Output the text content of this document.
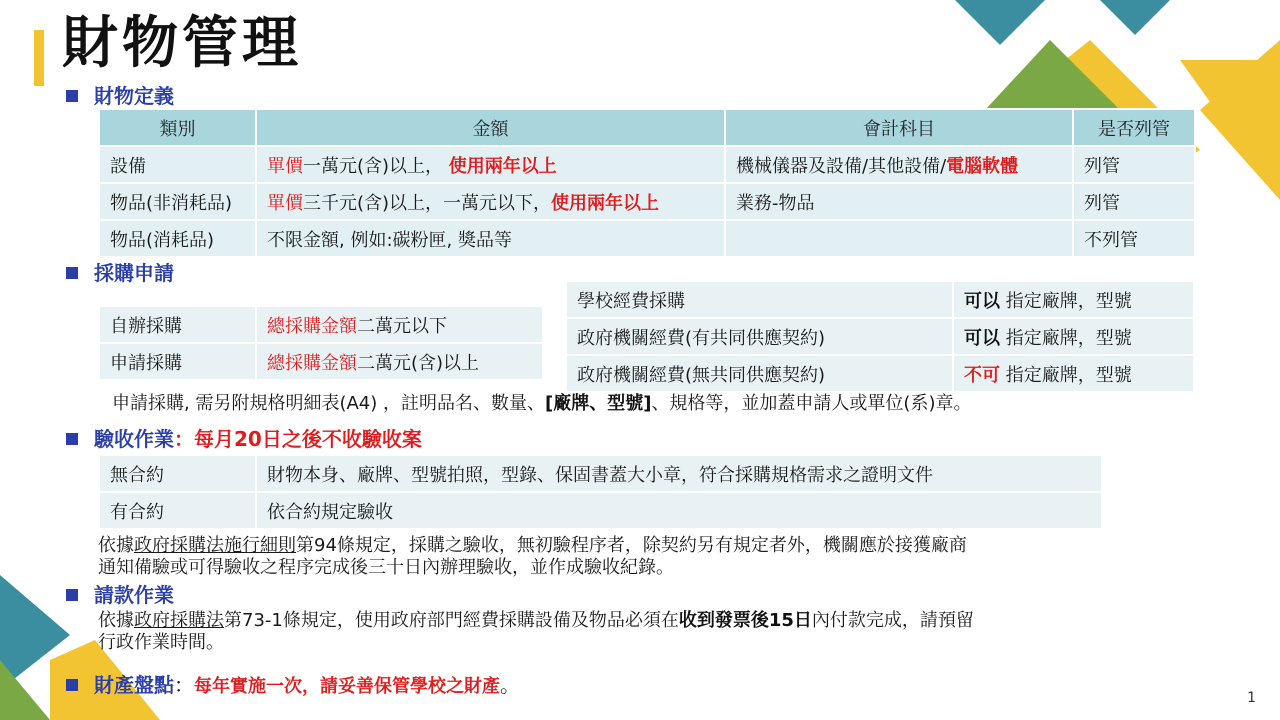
財物管理
財物定義
類別	金額	會計科目	是否列管
設備	單價一萬元(含)以上， 使用兩年以上	機械儀器及設備/其他設備/電腦軟體	列管
物品(非消耗品)	單價三千元(含)以上，一萬元以下，使用兩年以上	業務-物品	列管
物品(消耗品)	不限金額, 例如:碳粉匣, 獎品等		不列管
採購申請
自辦採購	總採購金額二萬元以下
申請採購	總採購金額二萬元(含)以上
學校經費採購	可以 指定廠牌，型號
政府機關經費(有共同供應契約)	可以 指定廠牌，型號
政府機關經費(無共同供應契約)	不可 指定廠牌，型號
申請採購, 需另附規格明細表(A4) ，註明品名、數量、[廠牌、型號]、規格等，並加蓋申請人或單位(系)章。
驗收作業：每月20日之後不收驗收案
無合約	財物本身、廠牌、型號拍照，型錄、保固書蓋大小章，符合採購規格需求之證明文件
有合約	依合約規定驗收
依據政府採購法施行細則第94條規定，採購之驗收，無初驗程序者，除契約另有規定者外，機關應於接獲廠商
通知備驗或可得驗收之程序完成後三十日內辦理驗收，並作成驗收紀錄。
請款作業
依據政府採購法第73-1條規定，使用政府部門經費採購設備及物品必須在收到發票後15日內付款完成，請預留
行政作業時間。
財產盤點：每年實施一次，請妥善保管學校之財產。
1
